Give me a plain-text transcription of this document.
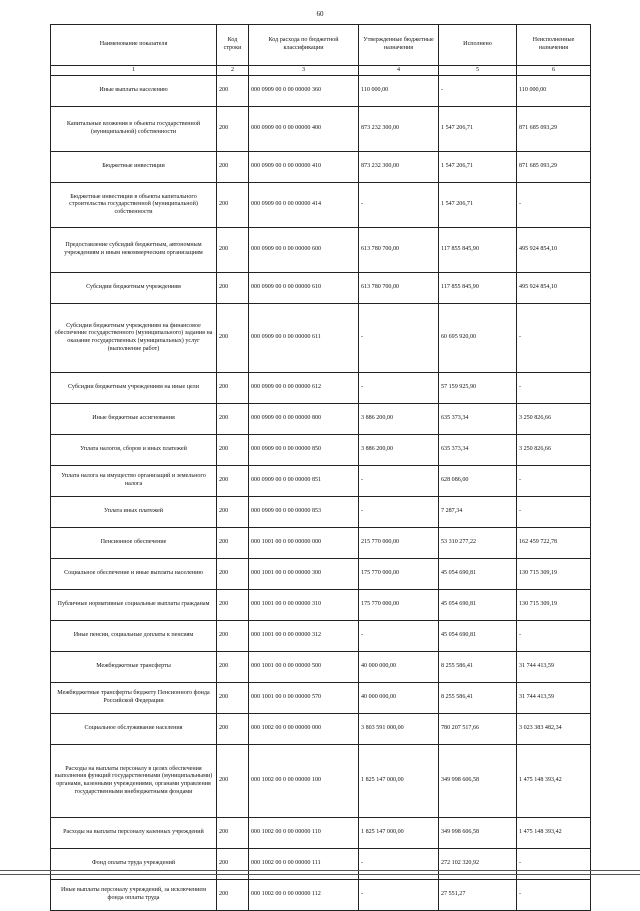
60
Наименование показателя	Код строки	Код расхода по бюджетной классификации	Утвержденные бюджетные назначения	Исполнено	Неисполненные назначения
1	2	3	4	5	6
Иные выплаты населению	200	000 0909 00 0 00 00000 360	110 000,00	-	110 000,00
Капитальные вложения в объекты государственной (муниципальной) собственности	200	000 0909 00 0 00 00000 400	873 232 300,00	1 547 206,71	871 685 093,29
Бюджетные инвестиции	200	000 0909 00 0 00 00000 410	873 232 300,00	1 547 206,71	871 685 093,29
Бюджетные инвестиции в объекты капитального строительства государственной (муниципальной) собственности	200	000 0909 00 0 00 00000 414	-	1 547 206,71	-
Предоставление субсидий бюджетным, автономным учреждениям и иным некоммерческим организациям	200	000 0909 00 0 00 00000 600	613 780 700,00	117 855 845,90	495 924 854,10
Субсидии бюджетным учреждениям	200	000 0909 00 0 00 00000 610	613 780 700,00	117 855 845,90	495 924 854,10
Субсидии бюджетным учреждениям на финансовое обеспечение государственного (муниципального) задания на оказание государственных (муниципальных) услуг (выполнение работ)	200	000 0909 00 0 00 00000 611	-	60 695 920,00	-
Субсидии бюджетным учреждениям на иные цели	200	000 0909 00 0 00 00000 612	-	57 159 925,90	-
Иные бюджетные ассигнования	200	000 0909 00 0 00 00000 800	3 886 200,00	635 373,34	3 250 826,66
Уплата налогов, сборов и иных платежей	200	000 0909 00 0 00 00000 850	3 886 200,00	635 373,34	3 250 826,66
Уплата налога на имущество организаций и земельного налога	200	000 0909 00 0 00 00000 851	-	628 086,00	-
Уплата иных платежей	200	000 0909 00 0 00 00000 853	-	7 287,34	-
Пенсионное обеспечение	200	000 1001 00 0 00 00000 000	215 770 000,00	53 310 277,22	162 459 722,78
Социальное обеспечение и иные выплаты населению	200	000 1001 00 0 00 00000 300	175 770 000,00	45 054 690,81	130 715 309,19
Публичные нормативные социальные выплаты гражданам	200	000 1001 00 0 00 00000 310	175 770 000,00	45 054 690,81	130 715 309,19
Иные пенсии, социальные доплаты к пенсиям	200	000 1001 00 0 00 00000 312	-	45 054 690,81	-
Межбюджетные трансферты	200	000 1001 00 0 00 00000 500	40 000 000,00	8 255 586,41	31 744 413,59
Межбюджетные трансферты бюджету Пенсионного фонда Российской Федерации	200	000 1001 00 0 00 00000 570	40 000 000,00	8 255 586,41	31 744 413,59
Социальное обслуживание населения	200	000 1002 00 0 00 00000 000	3 803 591 000,00	780 207 517,66	3 023 383 482,34
Расходы на выплаты персоналу в целях обеспечения выполнения функций государственными (муниципальными) органами, казенными учреждениями, органами управления государственными внебюджетными фондами	200	000 1002 00 0 00 00000 100	1 825 147 000,00	349 998 606,58	1 475 148 393,42
Расходы на выплаты персоналу казенных учреждений	200	000 1002 00 0 00 00000 110	1 825 147 000,00	349 998 606,58	1 475 148 393,42
Фонд оплаты труда учреждений	200	000 1002 00 0 00 00000 111	-	272 102 320,92	-
Иные выплаты персоналу учреждений, за исключением фонда оплаты труда	200	000 1002 00 0 00 00000 112	-	27 551,27	-
